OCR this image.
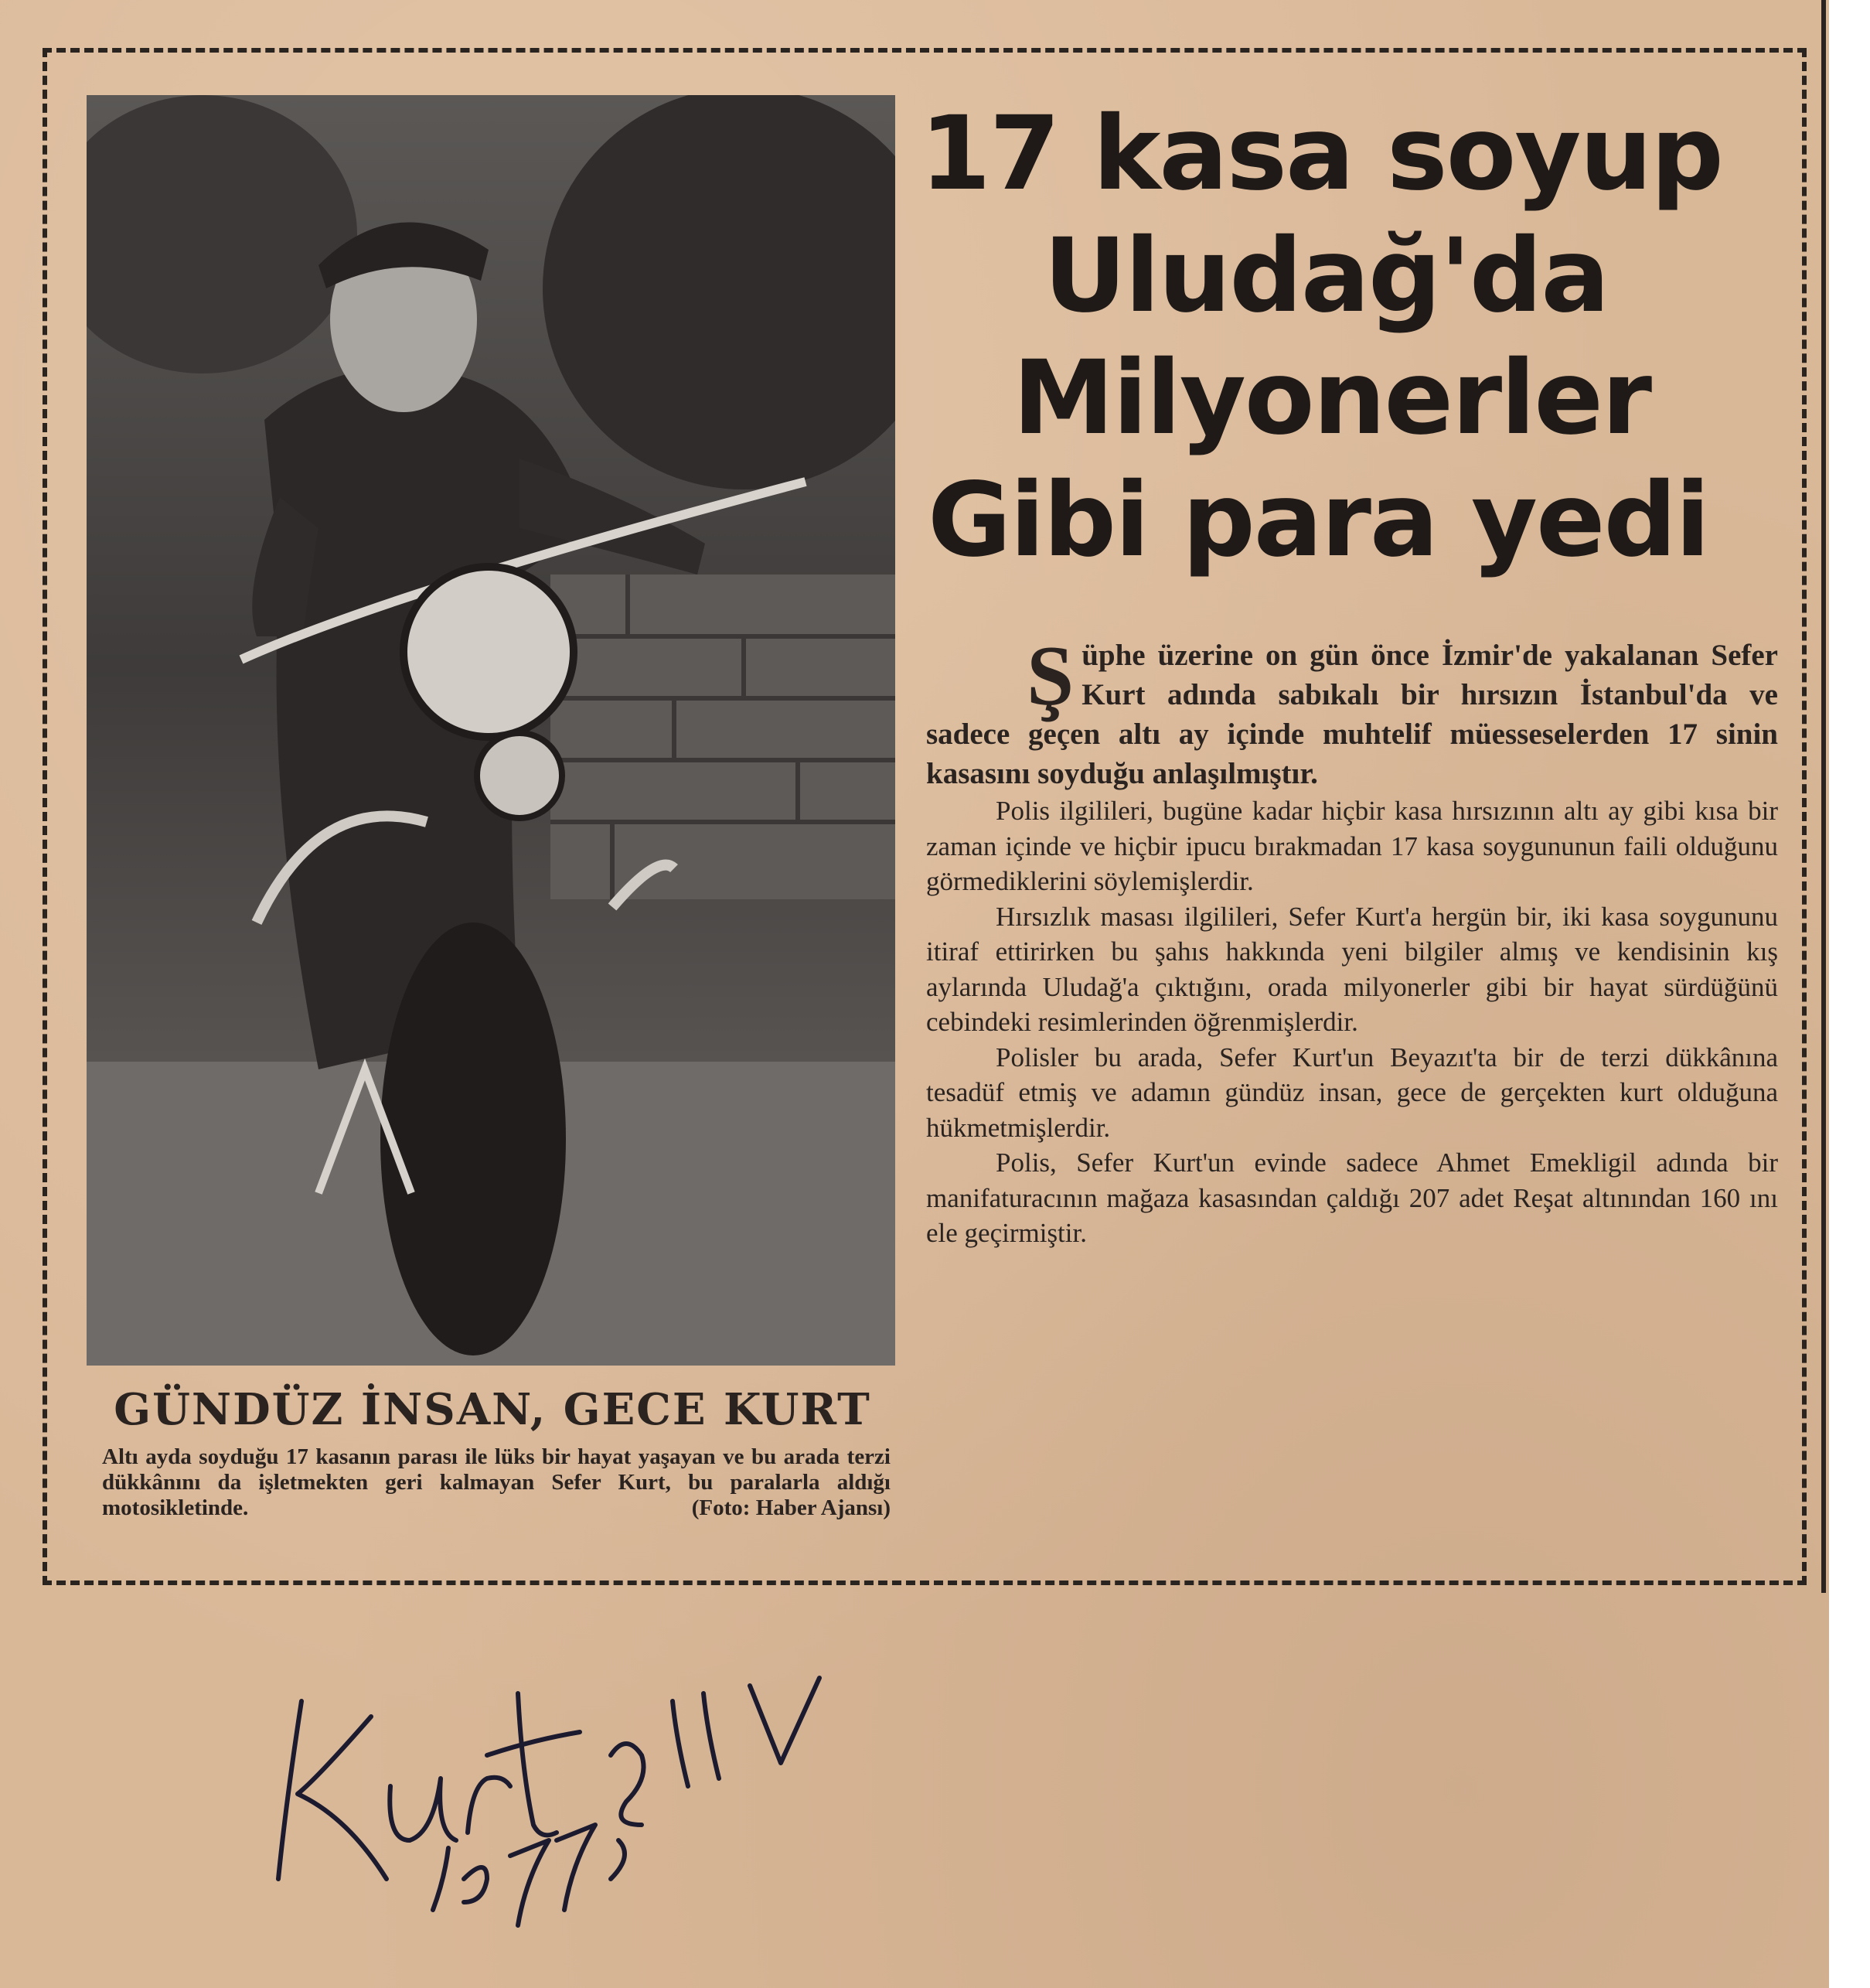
GÜNDÜZ İNSAN, GECE KURT
Altı ayda soyduğu 17 kasanın parası ile lüks bir hayat yaşayan ve bu arada terzi dükkânını da işletmekten geri kalmayan Sefer Kurt, bu paralarla aldığı motosikletinde.	(Foto: Haber Ajansı)
17 kasa soyup
Uludağ'da
Milyonerler
Gibi para yedi

Şüphe üzerine on gün önce İzmir'de yakalanan Sefer Kurt adında sabıkalı bir hırsızın İstanbul'da ve sadece geçen altı ay içinde muhtelif müesseselerden 17 sinin kasasını soyduğu anlaşılmıştır.

Polis ilgilileri, bugüne kadar hiçbir kasa hırsızının altı ay gibi kısa bir zaman içinde ve hiçbir ipucu bırakmadan 17 kasa soygununun faili olduğunu görmediklerini söylemişlerdir.

Hırsızlık masası ilgilileri, Sefer Kurt'a hergün bir, iki kasa soygununu itiraf ettirirken bu şahıs hakkında yeni bilgiler almış ve kendisinin kış aylarında Uludağ'a çıktığını, orada milyonerler gibi bir hayat sürdüğünü cebindeki resimlerinden öğrenmişlerdir.

Polisler bu arada, Sefer Kurt'un Beyazıt'ta bir de terzi dükkânına tesadüf etmiş ve adamın gündüz insan, gece de gerçekten kurt olduğuna hükmetmişlerdir.

Polis, Sefer Kurt'un evinde sadece Ahmet Emekligil adında bir manifaturacının mağaza kasasından çaldığı 207 adet Reşat altınından 160 ını ele geçirmiştir.
